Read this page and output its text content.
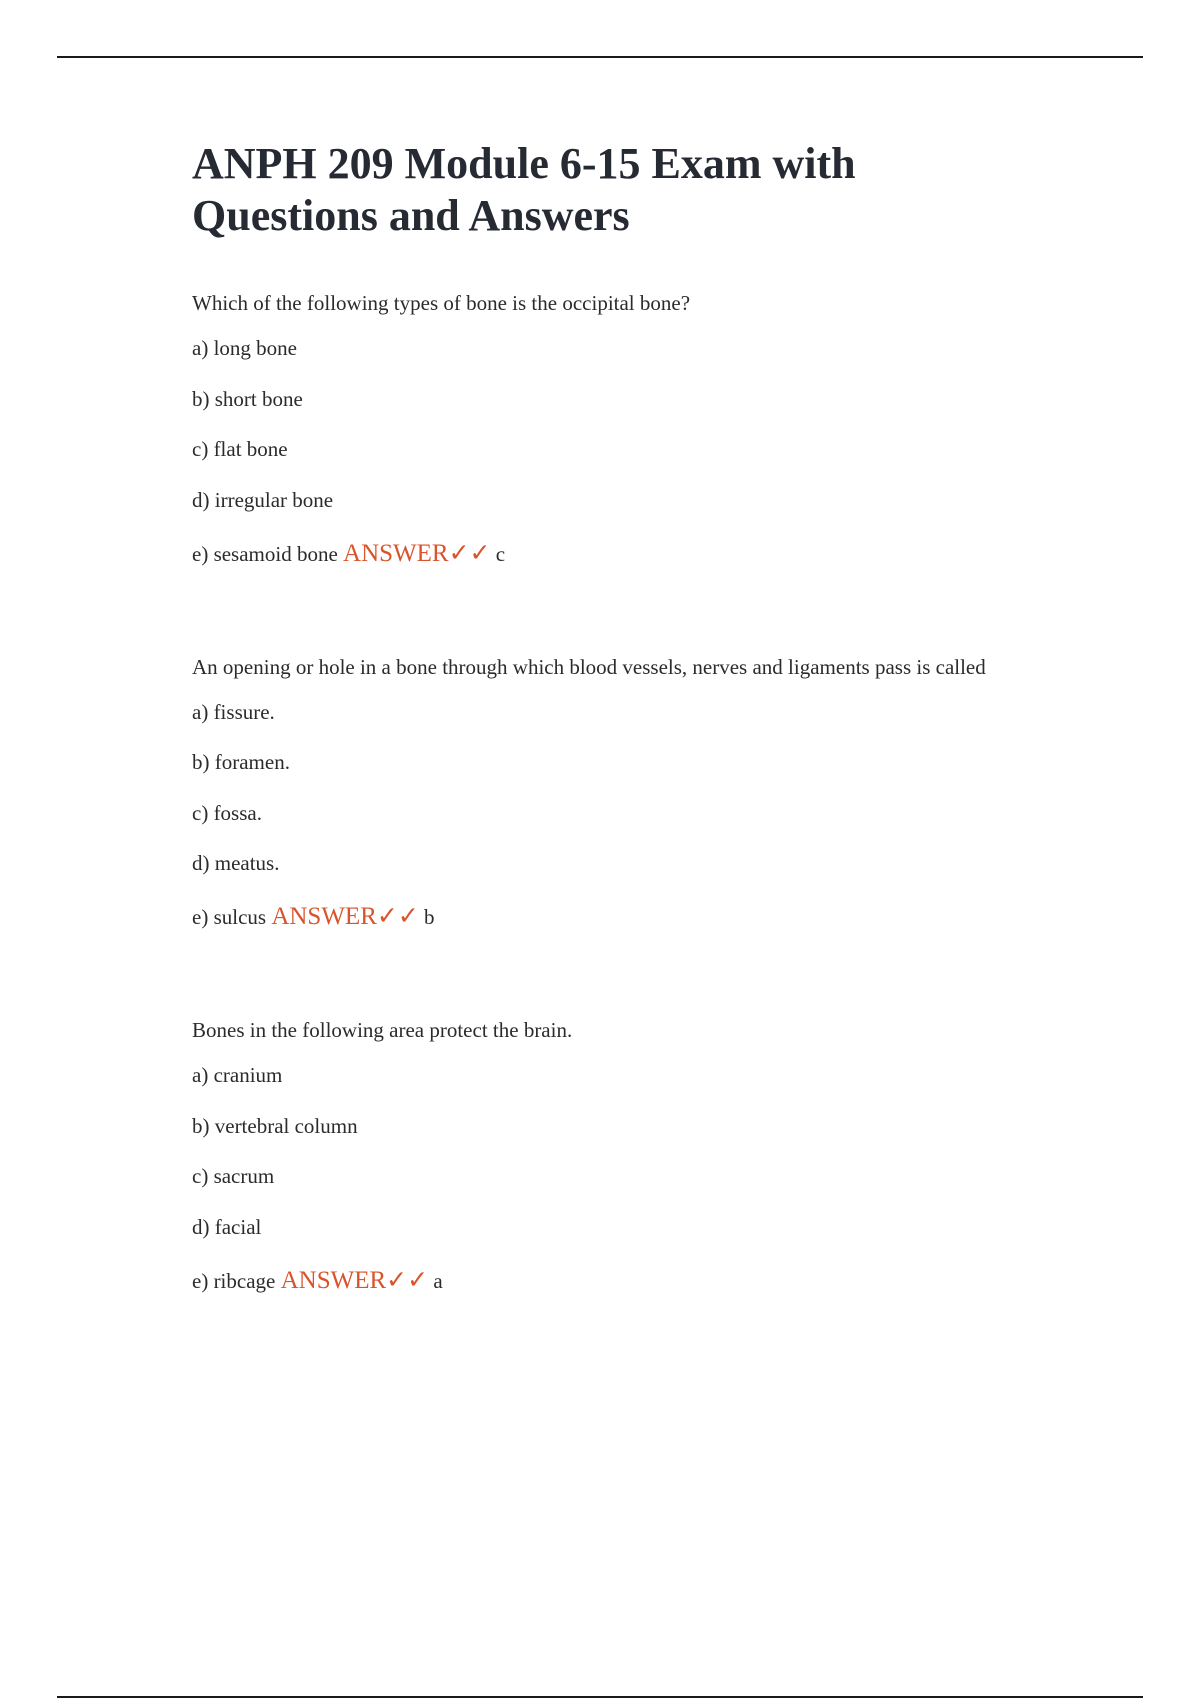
ANPH 209 Module 6-15 Exam with Questions and Answers
Which of the following types of bone is the occipital bone?
a) long bone
b) short bone
c) flat bone
d) irregular bone
e) sesamoid bone ANSWER✓✓ c
An opening or hole in a bone through which blood vessels, nerves and ligaments pass is called
a) fissure.
b) foramen.
c) fossa.
d) meatus.
e) sulcus ANSWER✓✓ b
Bones in the following area protect the brain.
a) cranium
b) vertebral column
c) sacrum
d) facial
e) ribcage ANSWER✓✓ a
